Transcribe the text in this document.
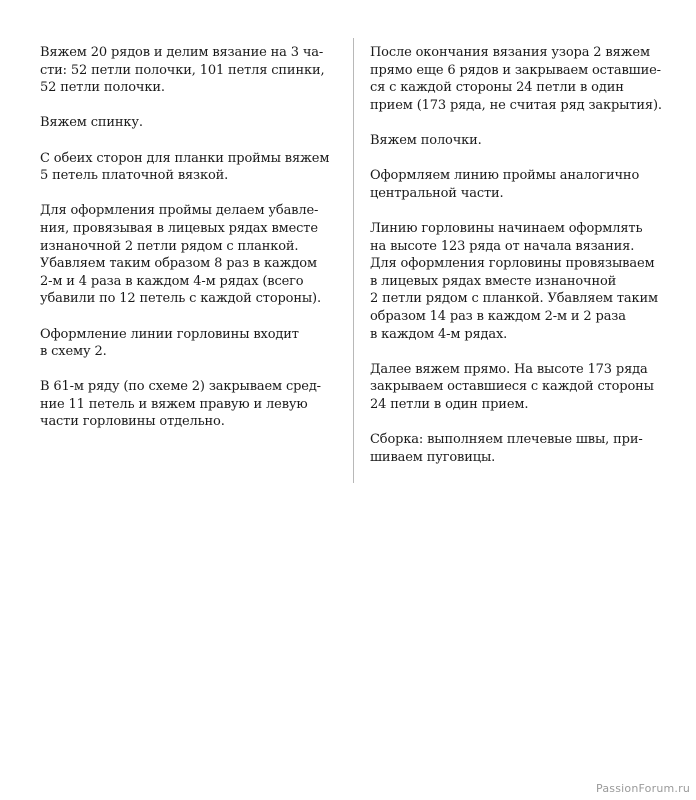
Вяжем 20 рядов и делим вязание на 3 ча-
сти: 52 петли полочки, 101 петля спинки,
52 петли полочки.

Вяжем спинку.

С обеих сторон для планки проймы вяжем
5 петель платочной вязкой.

Для оформления проймы делаем убавле-
ния, провязывая в лицевых рядах вместе
изнаночной 2 петли рядом с планкой.
Убавляем таким образом 8 раз в каждом
2-м и 4 раза в каждом 4-м рядах (всего
убавили по 12 петель с каждой стороны).

Оформление линии горловины входит
в схему 2.

В 61-м ряду (по схеме 2) закрываем сред-
ние 11 петель и вяжем правую и левую
части горловины отдельно.

После окончания вязания узора 2 вяжем
прямо еще 6 рядов и закрываем оставшие-
ся с каждой стороны 24 петли в один
прием (173 ряда, не считая ряд закрытия).

Вяжем полочки.

Оформляем линию проймы аналогично
центральной части.

Линию горловины начинаем оформлять
на высоте 123 ряда от начала вязания.
Для оформления горловины провязываем
в лицевых рядах вместе изнаночной
2 петли рядом с планкой. Убавляем таким
образом 14 раз в каждом 2-м и 2 раза
в каждом 4-м рядах.

Далее вяжем прямо. На высоте 173 ряда
закрываем оставшиеся с каждой стороны
24 петли в один прием.

Сборка: выполняем плечевые швы, при-
шиваем пуговицы.

PassionForum.ru
